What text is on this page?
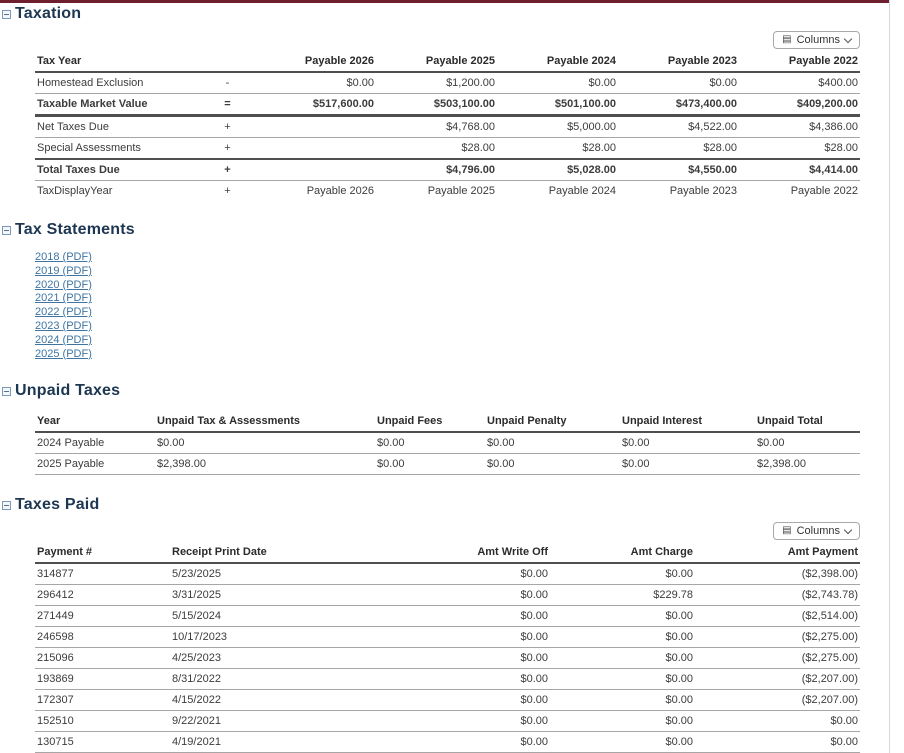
Taxation
▤ Columns
Tax Year		Payable 2026	Payable 2025	Payable 2024	Payable 2023	Payable 2022
Homestead Exclusion	-	$0.00	$1,200.00	$0.00	$0.00	$400.00
Taxable Market Value	=	$517,600.00	$503,100.00	$501,100.00	$473,400.00	$409,200.00
Net Taxes Due	+		$4,768.00	$5,000.00	$4,522.00	$4,386.00
Special Assessments	+		$28.00	$28.00	$28.00	$28.00
Total Taxes Due	+		$4,796.00	$5,028.00	$4,550.00	$4,414.00
TaxDisplayYear	+	Payable 2026	Payable 2025	Payable 2024	Payable 2023	Payable 2022
Tax Statements
2018 (PDF)
2019 (PDF)
2020 (PDF)
2021 (PDF)
2022 (PDF)
2023 (PDF)
2024 (PDF)
2025 (PDF)
Unpaid Taxes
Year	Unpaid Tax & Assessments	Unpaid Fees	Unpaid Penalty	Unpaid Interest	Unpaid Total
2024 Payable	$0.00	$0.00	$0.00	$0.00	$0.00
2025 Payable	$2,398.00	$0.00	$0.00	$0.00	$2,398.00
Taxes Paid
▤ Columns
Payment #	Receipt Print Date	Amt Write Off	Amt Charge	Amt Payment
314877	5/23/2025	$0.00	$0.00	($2,398.00)
296412	3/31/2025	$0.00	$229.78	($2,743.78)
271449	5/15/2024	$0.00	$0.00	($2,514.00)
246598	10/17/2023	$0.00	$0.00	($2,275.00)
215096	4/25/2023	$0.00	$0.00	($2,275.00)
193869	8/31/2022	$0.00	$0.00	($2,207.00)
172307	4/15/2022	$0.00	$0.00	($2,207.00)
152510	9/22/2021	$0.00	$0.00	$0.00
130715	4/19/2021	$0.00	$0.00	$0.00
